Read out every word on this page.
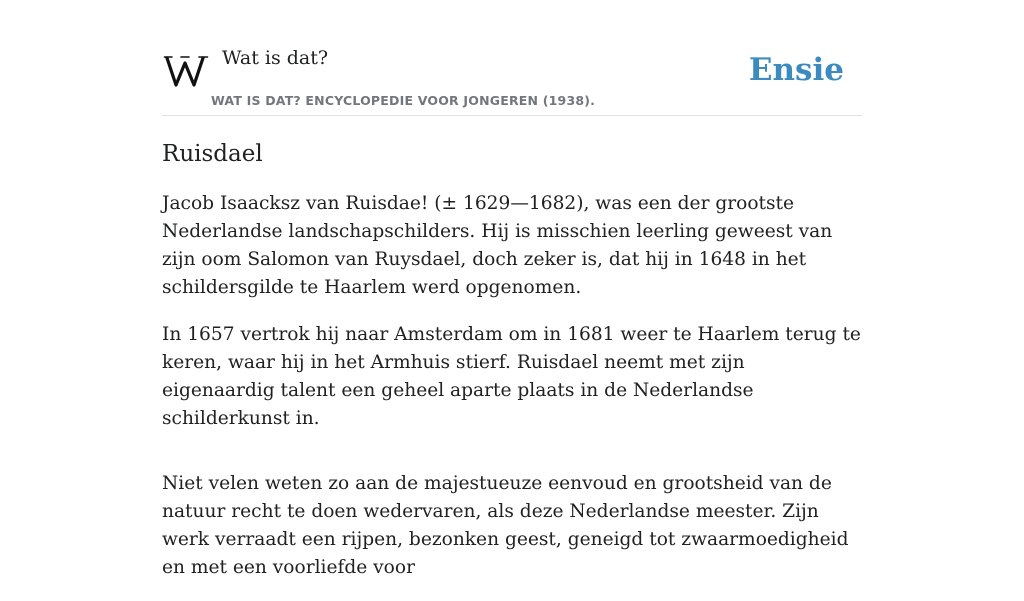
Wat is dat?
WAT IS DAT? ENCYCLOPEDIE VOOR JONGEREN (1938).
Ensie
Ruisdael

Jacob Isaacksz van Ruisdae! (± 1629—1682), was een der grootste Nederlandse landschapschilders. Hij is misschien leerling geweest van zijn oom Salomon van Ruysdael, doch zeker is, dat hij in 1648 in het schildersgilde te Haarlem werd opgenomen.

In 1657 vertrok hij naar Amsterdam om in 1681 weer te Haarlem terug te keren, waar hij in het Armhuis stierf. Ruisdael neemt met zijn eigenaardig talent een geheel aparte plaats in de Nederlandse schilderkunst in.

Niet velen weten zo aan de majestueuze eenvoud en grootsheid van de natuur recht te doen wedervaren, als deze Nederlandse meester. Zijn werk verraadt een rijpen, bezonken geest, geneigd tot zwaarmoedigheid en met een voorliefde voor
